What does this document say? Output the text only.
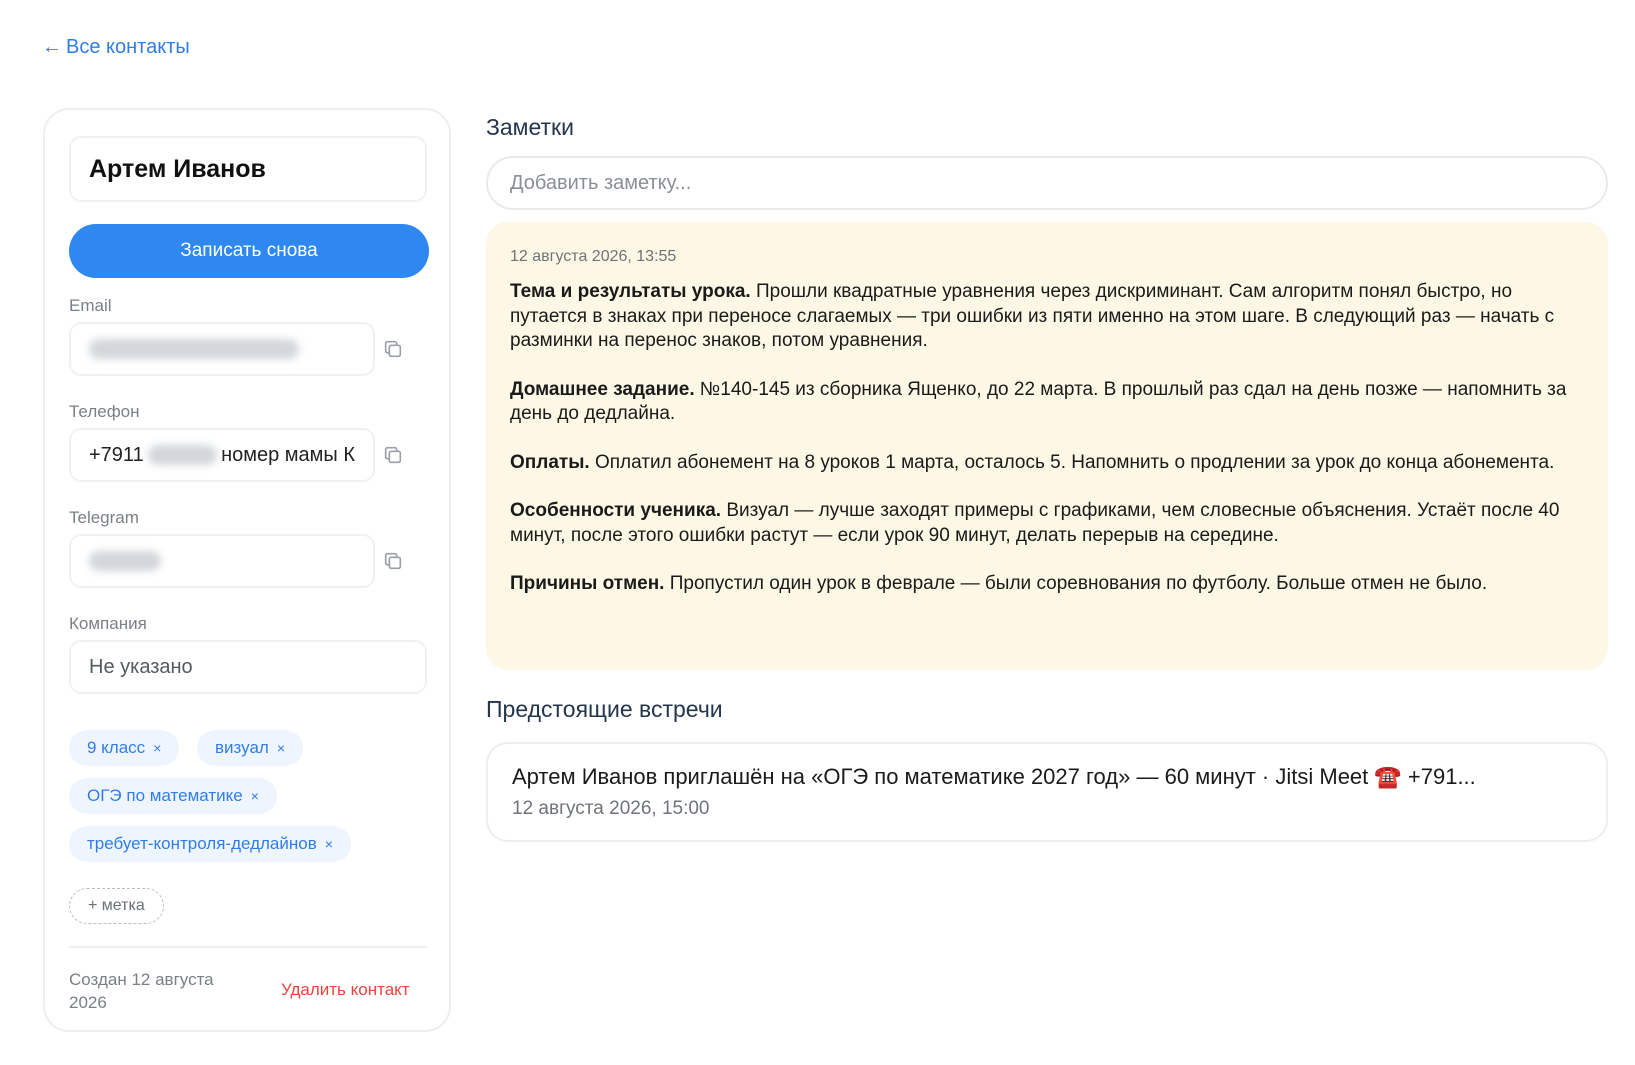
← Все контакты
Артем Иванов
Записать снова
Email
Телефон
+7911	номер мамы К
Telegram
Компания
Не указано
9 класс ×	визуал ×
ОГЭ по математике ×
требует-контроля-дедлайнов ×
+ метка
Создан 12 августа 2026
Удалить контакт
Заметки
Добавить заметку...
12 августа 2026, 13:55

Тема и результаты урока. Прошли квадратные уравнения через дискриминант. Сам алгоритм понял быстро, но путается в знаках при переносе слагаемых — три ошибки из пяти именно на этом шаге. В следующий раз — начать с разминки на перенос знаков, потом уравнения.

Домашнее задание. №140-145 из сборника Ященко, до 22 марта. В прошлый раз сдал на день позже — напомнить за день до дедлайна.

Оплаты. Оплатил абонемент на 8 уроков 1 марта, осталось 5. Напомнить о продлении за урок до конца абонемента.

Особенности ученика. Визуал — лучше заходят примеры с графиками, чем словесные объяснения. Устаёт после 40 минут, после этого ошибки растут — если урок 90 минут, делать перерыв на середине.

Причины отмен. Пропустил один урок в феврале — были соревнования по футболу. Больше отмен не было.

Предстоящие встречи
Артем Иванов приглашён на «ОГЭ по математике 2027 год» — 60 минут · Jitsi Meet ☎️ +791...
12 августа 2026, 15:00
